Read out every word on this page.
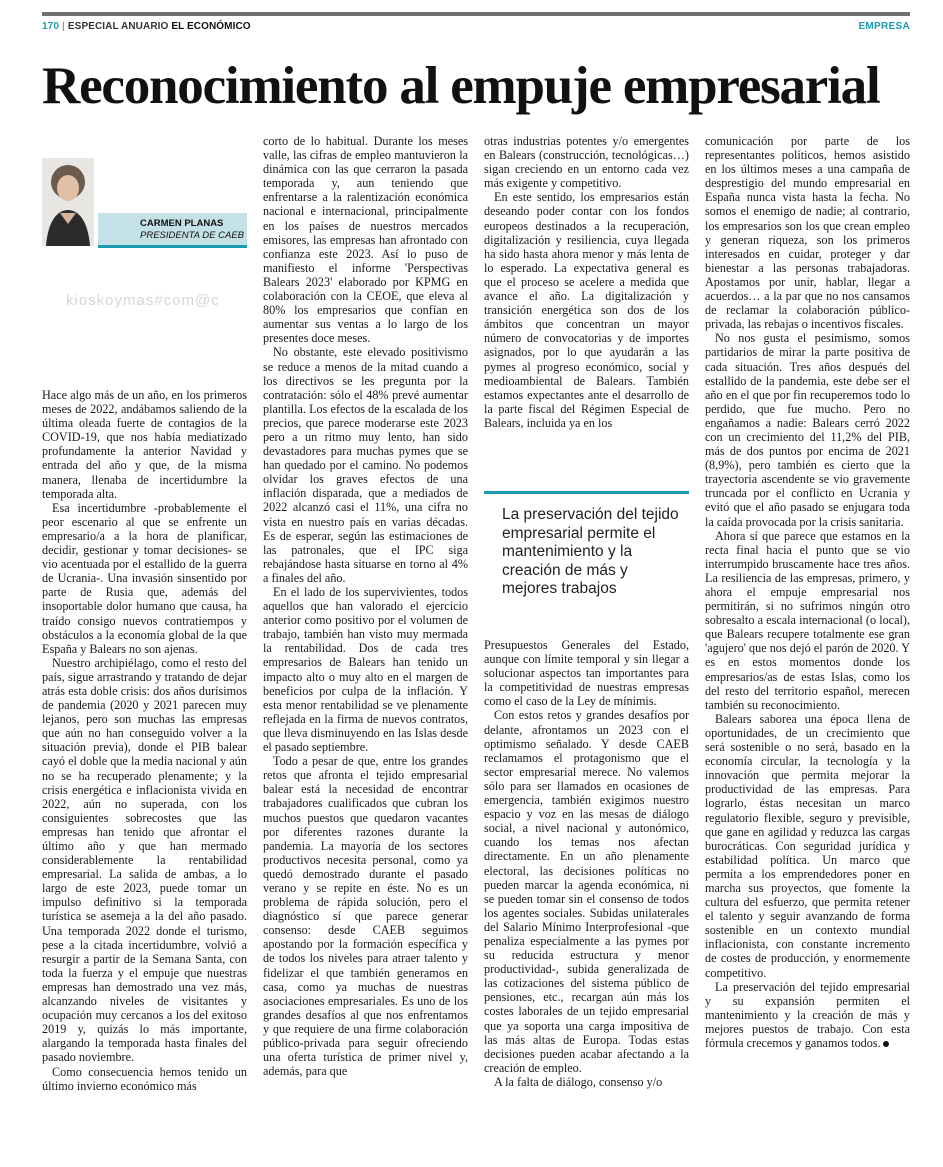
170 | ESPECIAL ANUARIO EL ECONÓMICO	EMPRESA
Reconocimiento al empuje empresarial

CARMEN PLANAS

PRESIDENTA DE CAEB

kioskoymas#com@c

Hace algo más de un año, en los primeros meses de 2022, andábamos saliendo de la última oleada fuerte de contagios de la COVID-19, que nos había mediatizado profundamente la anterior Navidad y entrada del año y que, de la misma manera, llenaba de incertidumbre la temporada alta.

Esa incertidumbre -probablemente el peor escenario al que se enfrente un empresario/a a la hora de planificar, decidir, gestionar y tomar decisiones- se vio acentuada por el estallido de la guerra de Ucrania-. Una invasión sinsentido por parte de Rusia que, además del insoportable dolor humano que causa, ha traído consigo nuevos contratiempos y obstáculos a la economía global de la que España y Balears no son ajenas.

Nuestro archipiélago, como el resto del país, sigue arrastrando y tratando de dejar atrás esta doble crisis: dos años durísimos de pandemia (2020 y 2021 parecen muy lejanos, pero son muchas las empresas que aún no han conseguido volver a la situación previa), donde el PIB balear cayó el doble que la media nacional y aún no se ha recuperado plenamente; y la crisis energética e inflacionista vivida en 2022, aún no superada, con los consiguientes sobrecostes que las empresas han tenido que afrontar el último año y que han mermado considerablemente la rentabilidad empresarial. La salida de ambas, a lo largo de este 2023, puede tomar un impulso definitivo si la temporada turística se asemeja a la del año pasado. Una temporada 2022 donde el turismo, pese a la citada incertidumbre, volvió a resurgir a partir de la Semana Santa, con toda la fuerza y el empuje que nuestras empresas han demostrado una vez más, alcanzando niveles de visitantes y ocupación muy cercanos a los del exitoso 2019 y, quizás lo más importante, alargando la temporada hasta finales del pasado noviembre.

Como consecuencia hemos tenido un último invierno económico más

corto de lo habitual. Durante los meses valle, las cifras de empleo mantuvieron la dinámica con las que cerraron la pasada temporada y, aun teniendo que enfrentarse a la ralentización económica nacional e internacional, principalmente en los países de nuestros mercados emisores, las empresas han afrontado con confianza este 2023. Así lo puso de manifiesto el informe 'Perspectivas Balears 2023' elaborado por KPMG en colaboración con la CEOE, que eleva al 80% los empresarios que confían en aumentar sus ventas a lo largo de los presentes doce meses.

No obstante, este elevado positivismo se reduce a menos de la mitad cuando a los directivos se les pregunta por la contratación: sólo el 48% prevé aumentar plantilla. Los efectos de la escalada de los precios, que parece moderarse este 2023 pero a un ritmo muy lento, han sido devastadores para muchas pymes que se han quedado por el camino. No podemos olvidar los graves efectos de una inflación disparada, que a mediados de 2022 alcanzó casi el 11%, una cifra no vista en nuestro país en varias décadas. Es de esperar, según las estimaciones de las patronales, que el IPC siga rebajándose hasta situarse en torno al 4% a finales del año.

En el lado de los supervivientes, todos aquellos que han valorado el ejercicio anterior como positivo por el volumen de trabajo, también han visto muy mermada la rentabilidad. Dos de cada tres empresarios de Balears han tenido un impacto alto o muy alto en el margen de beneficios por culpa de la inflación. Y esta menor rentabilidad se ve plenamente reflejada en la firma de nuevos contratos, que lleva disminuyendo en las Islas desde el pasado septiembre.

Todo a pesar de que, entre los grandes retos que afronta el tejido empresarial balear está la necesidad de encontrar trabajadores cualificados que cubran los muchos puestos que quedaron vacantes por diferentes razones durante la pandemia. La mayoría de los sectores productivos necesita personal, como ya quedó demostrado durante el pasado verano y se repite en éste. No es un problema de rápida solución, pero el diagnóstico sí que parece generar consenso: desde CAEB seguimos apostando por la formación específica y de todos los niveles para atraer talento y fidelizar el que también generamos en casa, como ya muchas de nuestras asociaciones empresariales. Es uno de los grandes desafíos al que nos enfrentamos y que requiere de una firme colaboración público-privada para seguir ofreciendo una oferta turística de primer nivel y, además, para que

otras industrias potentes y/o emergentes en Balears (construcción, tecnológicas…) sigan creciendo en un entorno cada vez más exigente y competitivo.

En este sentido, los empresarios están deseando poder contar con los fondos europeos destinados a la recuperación, digitalización y resiliencia, cuya llegada ha sido hasta ahora menor y más lenta de lo esperado. La expectativa general es que el proceso se acelere a medida que avance el año. La digitalización y transición energética son dos de los ámbitos que concentran un mayor número de convocatorias y de importes asignados, por lo que ayudarán a las pymes al progreso económico, social y medioambiental de Balears. También estamos expectantes ante el desarrollo de la parte fiscal del Régimen Especial de Balears, incluida ya en los

La preservación del tejido empresarial permite el mantenimiento y la creación de más y mejores trabajos

Presupuestos Generales del Estado, aunque con límite temporal y sin llegar a solucionar aspectos tan importantes para la competitividad de nuestras empresas como el caso de la Ley de mínimis.

Con estos retos y grandes desafíos por delante, afrontamos un 2023 con el optimismo señalado. Y desde CAEB reclamamos el protagonismo que el sector empresarial merece. No valemos sólo para ser llamados en ocasiones de emergencia, también exigimos nuestro espacio y voz en las mesas de diálogo social, a nivel nacional y autonómico, cuando los temas nos afectan directamente. En un año plenamente electoral, las decisiones políticas no pueden marcar la agenda económica, ni se pueden tomar sin el consenso de todos los agentes sociales. Subidas unilaterales del Salario Mínimo Interprofesional -que penaliza especialmente a las pymes por su reducida estructura y menor productividad-, subida generalizada de las cotizaciones del sistema público de pensiones, etc., recargan aún más los costes laborales de un tejido empresarial que ya soporta una carga impositiva de las más altas de Europa. Todas estas decisiones pueden acabar afectando a la creación de empleo.

A la falta de diálogo, consenso y/o

comunicación por parte de los representantes políticos, hemos asistido en los últimos meses a una campaña de desprestigio del mundo empresarial en España nunca vista hasta la fecha. No somos el enemigo de nadie; al contrario, los empresarios son los que crean empleo y generan riqueza, son los primeros interesados en cuidar, proteger y dar bienestar a las personas trabajadoras. Apostamos por unir, hablar, llegar a acuerdos… a la par que no nos cansamos de reclamar la colaboración público-privada, las rebajas o incentivos fiscales.

No nos gusta el pesimismo, somos partidarios de mirar la parte positiva de cada situación. Tres años después del estallido de la pandemia, este debe ser el año en el que por fin recuperemos todo lo perdido, que fue mucho. Pero no engañamos a nadie: Balears cerró 2022 con un crecimiento del 11,2% del PIB, más de dos puntos por encima de 2021 (8,9%), pero también es cierto que la trayectoria ascendente se vio gravemente truncada por el conflicto en Ucrania y evitó que el año pasado se enjugara toda la caída provocada por la crisis sanitaria.

Ahora sí que parece que estamos en la recta final hacia el punto que se vio interrumpido bruscamente hace tres años. La resiliencia de las empresas, primero, y ahora el empuje empresarial nos permitirán, si no sufrimos ningún otro sobresalto a escala internacional (o local), que Balears recupere totalmente ese gran 'agujero' que nos dejó el parón de 2020. Y es en estos momentos donde los empresarios/as de estas Islas, como los del resto del territorio español, merecen también su reconocimiento.

Balears saborea una época llena de oportunidades, de un crecimiento que será sostenible o no será, basado en la economía circular, la tecnología y la innovación que permita mejorar la productividad de las empresas. Para lograrlo, éstas necesitan un marco regulatorio flexible, seguro y previsible, que gane en agilidad y reduzca las cargas burocráticas. Con seguridad jurídica y estabilidad política. Un marco que permita a los emprendedores poner en marcha sus proyectos, que fomente la cultura del esfuerzo, que permita retener el talento y seguir avanzando de forma sostenible en un contexto mundial inflacionista, con constante incremento de costes de producción, y enormemente competitivo.

La preservación del tejido empresarial y su expansión permiten el mantenimiento y la creación de más y mejores puestos de trabajo. Con esta fórmula crecemos y ganamos todos.
